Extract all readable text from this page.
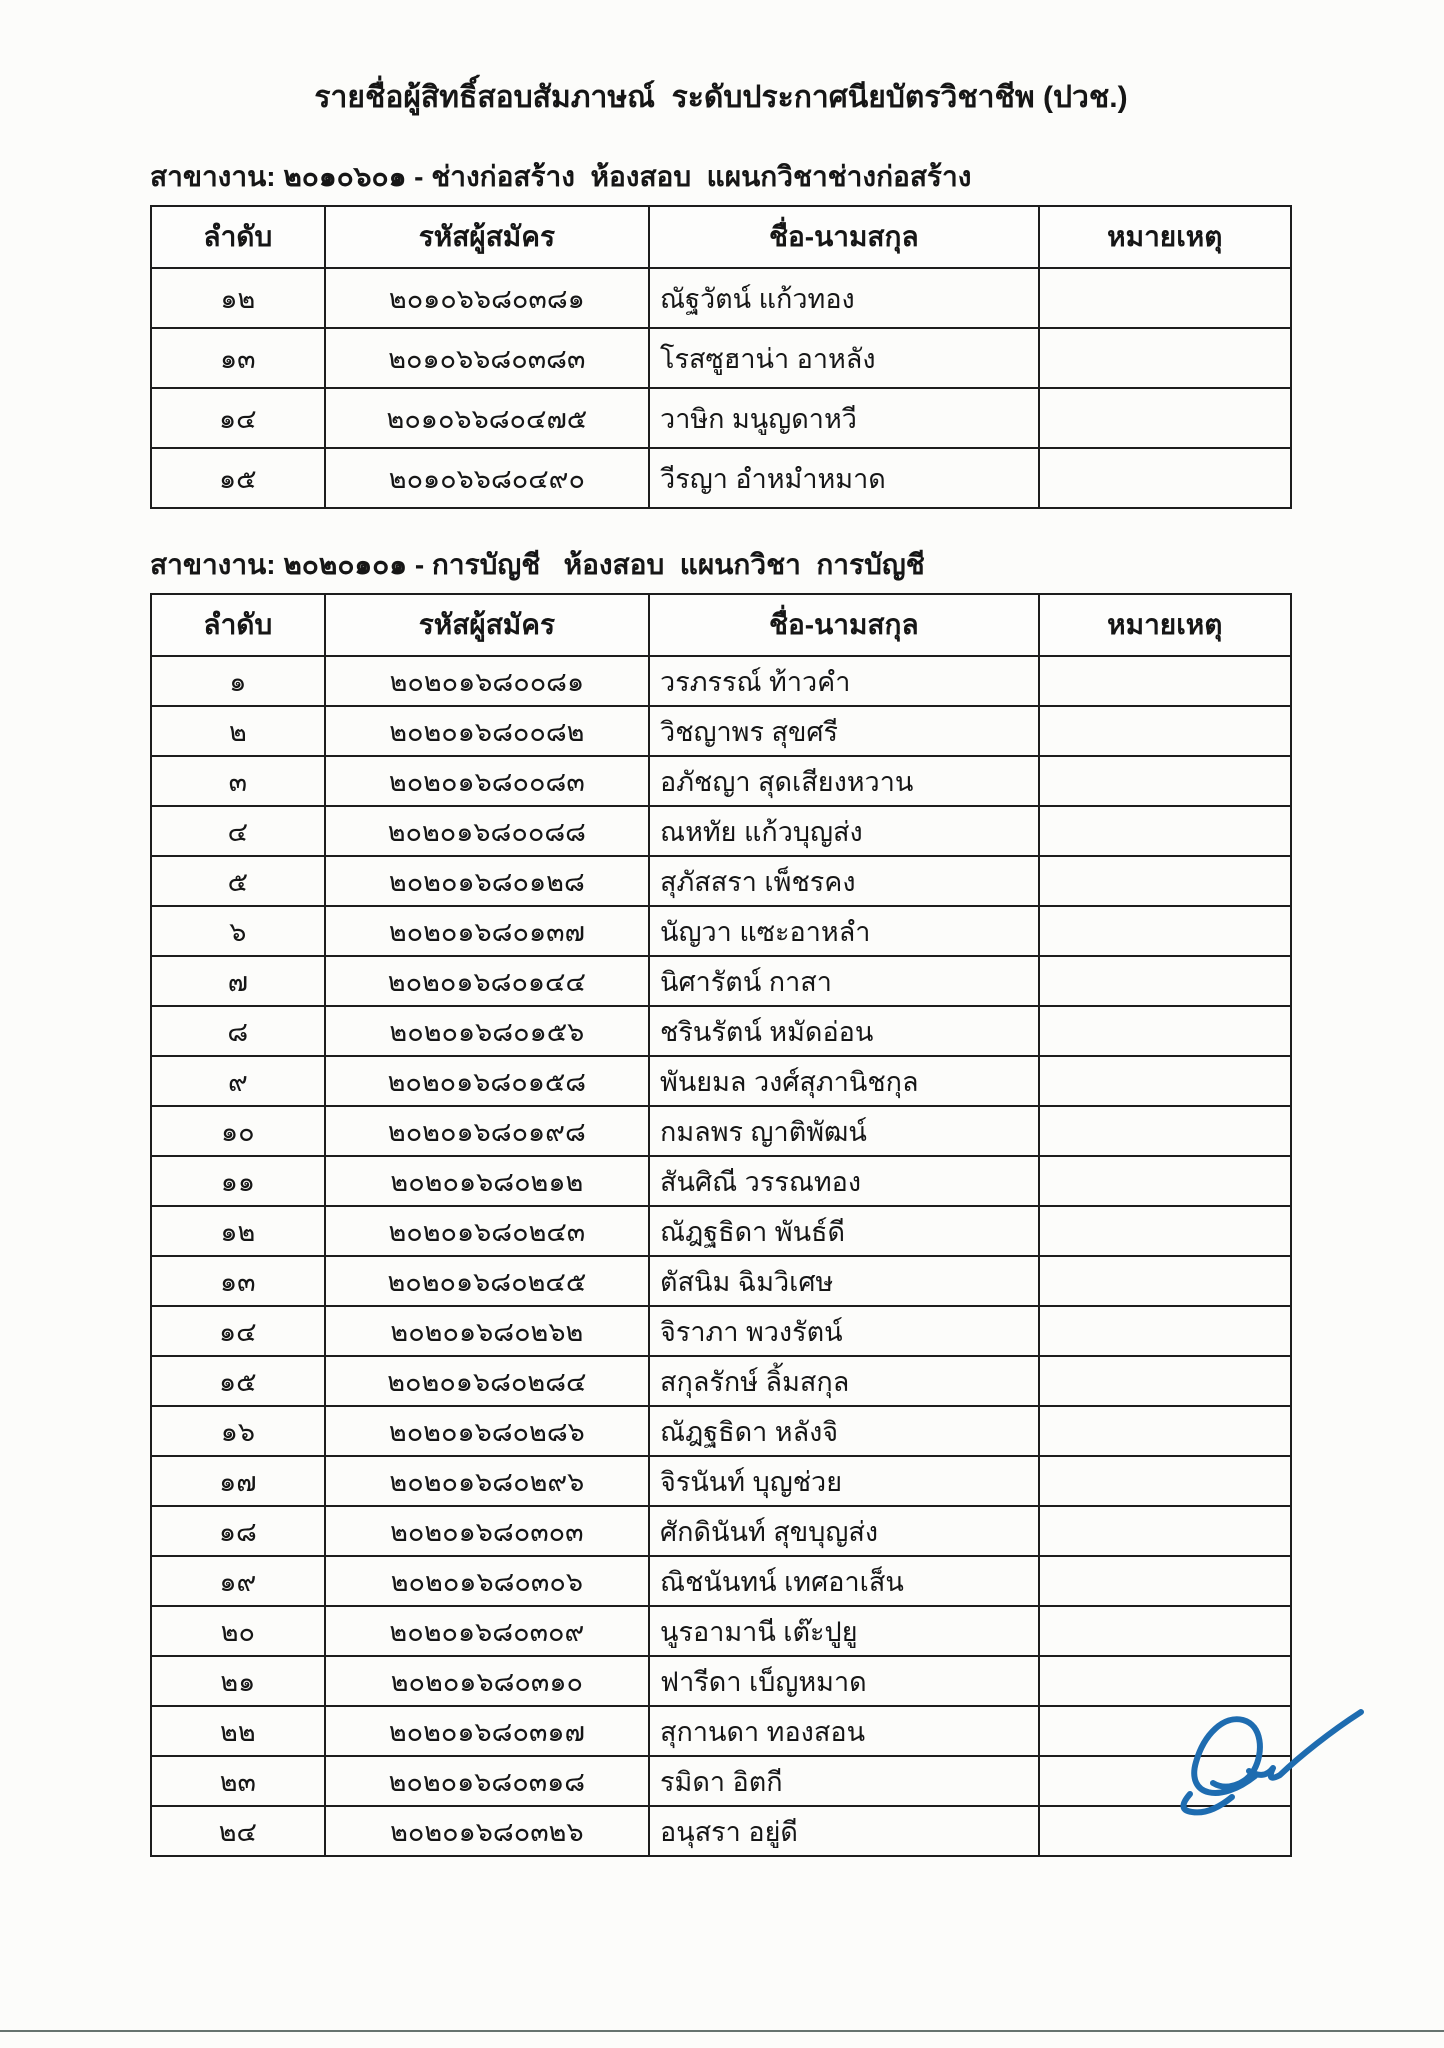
รายชื่อผู้สิทธิ์สอบสัมภาษณ์  ระดับประกาศนียบัตรวิชาชีพ (ปวช.)
สาขางาน: ๒๐๑๐๖๐๑ - ช่างก่อสร้าง  ห้องสอบ  แผนกวิชาช่างก่อสร้าง
ลำดับ	รหัสผู้สมัคร	ชื่อ-นามสกุล	หมายเหตุ
๑๒	๒๐๑๐๖๖๘๐๓๘๑	ณัฐวัตน์ แก้วทอง	
๑๓	๒๐๑๐๖๖๘๐๓๘๓	โรสซูฮาน่า อาหลัง	
๑๔	๒๐๑๐๖๖๘๐๔๗๕	วาษิก มนูญดาหวี	
๑๕	๒๐๑๐๖๖๘๐๔๙๐	วีรญา อำหมำหมาด	
สาขางาน: ๒๐๒๐๑๐๑ - การบัญชี   ห้องสอบ  แผนกวิชา  การบัญชี
ลำดับ	รหัสผู้สมัคร	ชื่อ-นามสกุล	หมายเหตุ
๑	๒๐๒๐๑๖๘๐๐๘๑	วรภรรณ์ ท้าวคำ	
๒	๒๐๒๐๑๖๘๐๐๘๒	วิชญาพร สุขศรี	
๓	๒๐๒๐๑๖๘๐๐๘๓	อภัชญา สุดเสียงหวาน	
๔	๒๐๒๐๑๖๘๐๐๘๘	ณหทัย แก้วบุญส่ง	
๕	๒๐๒๐๑๖๘๐๑๒๘	สุภัสสรา เพ็ชรคง	
๖	๒๐๒๐๑๖๘๐๑๓๗	นัญวา แซะอาหลำ	
๗	๒๐๒๐๑๖๘๐๑๔๔	นิศารัตน์ กาสา	
๘	๒๐๒๐๑๖๘๐๑๕๖	ชรินรัตน์ หมัดอ่อน	
๙	๒๐๒๐๑๖๘๐๑๕๘	พันยมล วงศ์สุภานิชกุล	
๑๐	๒๐๒๐๑๖๘๐๑๙๘	กมลพร ญาติพัฒน์	
๑๑	๒๐๒๐๑๖๘๐๒๑๒	สันศิณี วรรณทอง	
๑๒	๒๐๒๐๑๖๘๐๒๔๓	ณัฎฐธิดา พันธ์ดี	
๑๓	๒๐๒๐๑๖๘๐๒๔๕	ตัสนิม ฉิมวิเศษ	
๑๔	๒๐๒๐๑๖๘๐๒๖๒	จิราภา พวงรัตน์	
๑๕	๒๐๒๐๑๖๘๐๒๘๔	สกุลรักษ์ ลิ้มสกุล	
๑๖	๒๐๒๐๑๖๘๐๒๘๖	ณัฎฐธิดา หลังจิ	
๑๗	๒๐๒๐๑๖๘๐๒๙๖	จิรนันท์ บุญช่วย	
๑๘	๒๐๒๐๑๖๘๐๓๐๓	ศักดินันท์ สุขบุญส่ง	
๑๙	๒๐๒๐๑๖๘๐๓๐๖	ณิชนันทน์ เทศอาเส็น	
๒๐	๒๐๒๐๑๖๘๐๓๐๙	นูรอามานี เต๊ะปูยู	
๒๑	๒๐๒๐๑๖๘๐๓๑๐	ฟารีดา เบ็ญหมาด	
๒๒	๒๐๒๐๑๖๘๐๓๑๗	สุกานดา ทองสอน	
๒๓	๒๐๒๐๑๖๘๐๓๑๘	รมิดา อิตกี	
๒๔	๒๐๒๐๑๖๘๐๓๒๖	อนุสรา อยู่ดี	
